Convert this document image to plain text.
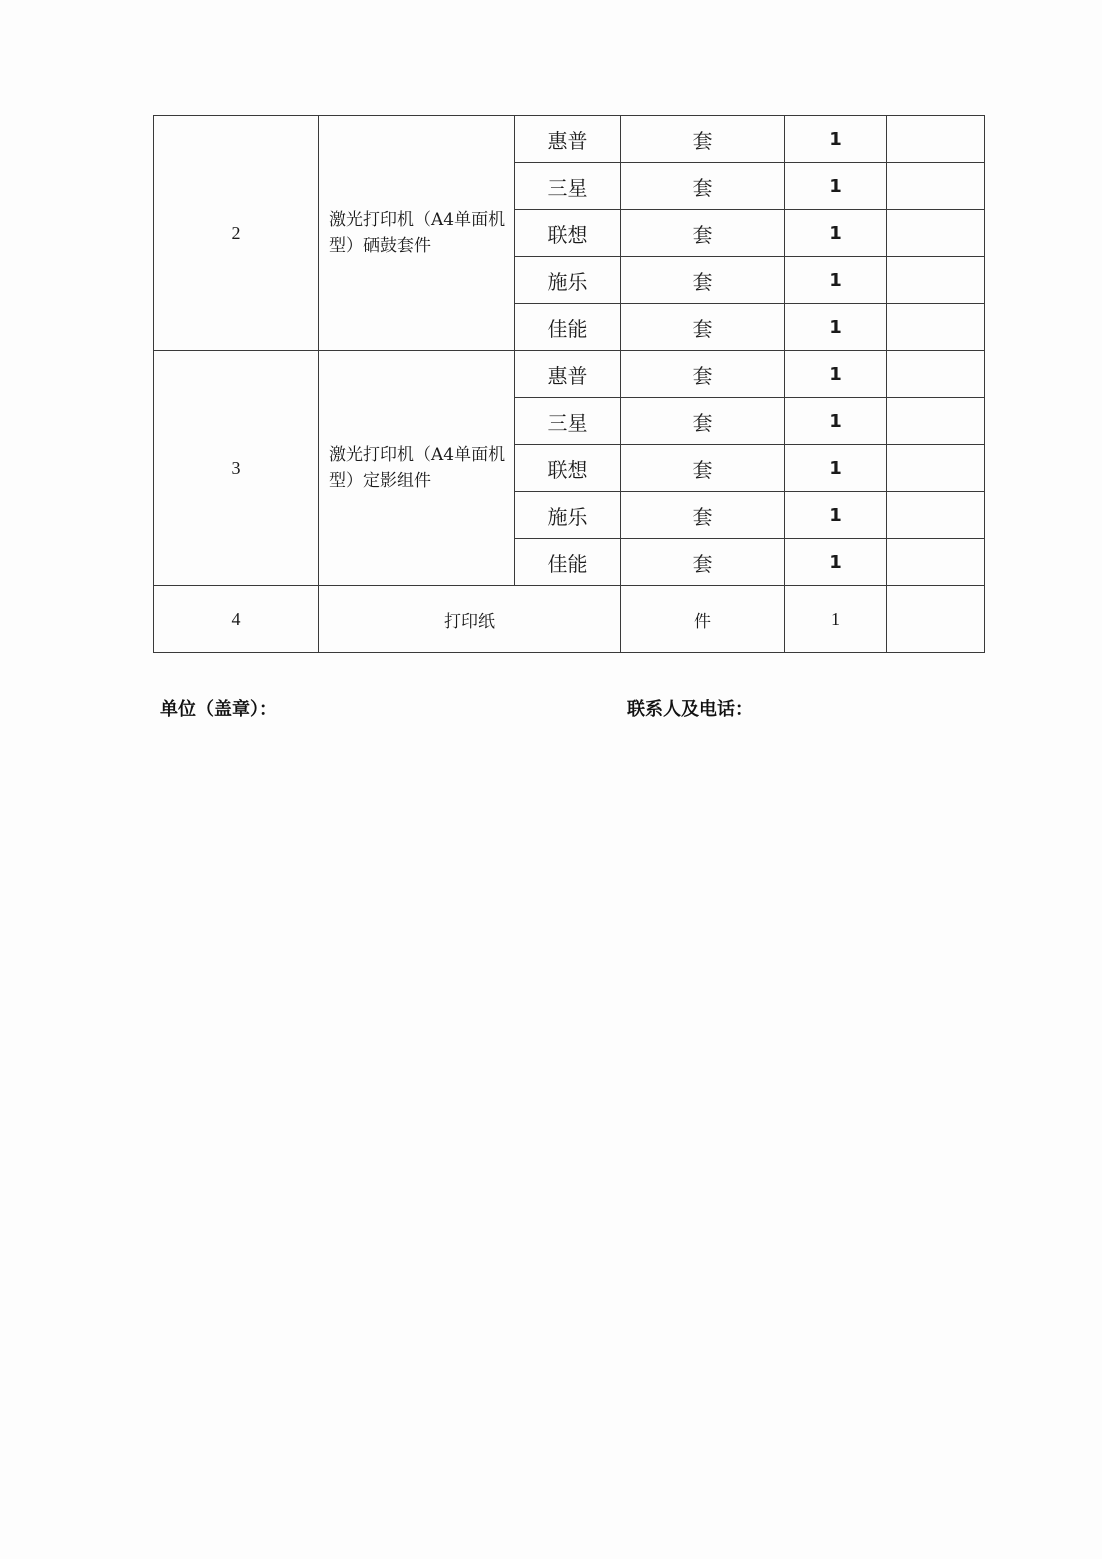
2	激光打印机（A4单面机型）硒鼓套件	惠普	套	1	
		三星	套	1	
		联想	套	1	
		施乐	套	1	
		佳能	套	1	
3	激光打印机（A4单面机型）定影组件	惠普	套	1	
		三星	套	1	
		联想	套	1	
		施乐	套	1	
		佳能	套	1	
4	打印纸		件	1	
单位（盖章）：	联系人及电话：
